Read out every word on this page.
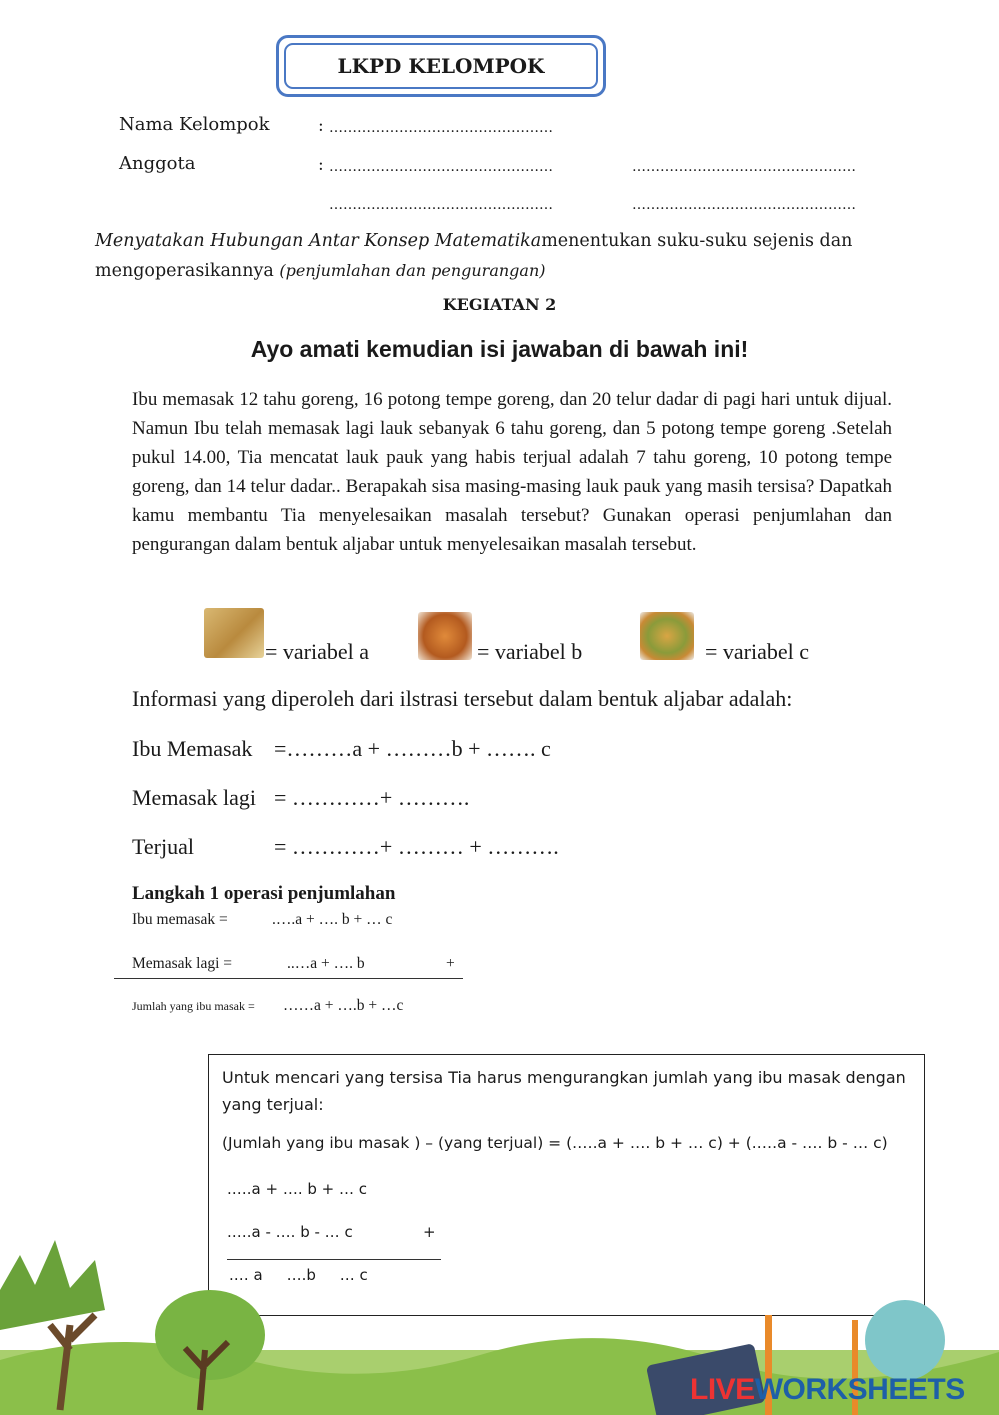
LKPD KELOMPOK
Nama Kelompok	: …………………………………………
Anggota	: …………………………………………	…………………………………………
…………………………………………	…………………………………………
Menyatakan Hubungan Antar Konsep Matematikamenentukan suku-suku sejenis dan mengoperasikannya (penjumlahan dan pengurangan)
KEGIATAN 2
Ayo amati kemudian isi jawaban di bawah ini!
Ibu memasak 12 tahu goreng, 16 potong tempe goreng, dan 20 telur dadar di pagi hari untuk dijual. Namun Ibu telah memasak lagi lauk sebanyak 6 tahu goreng, dan 5 potong tempe goreng .Setelah pukul 14.00, Tia mencatat lauk pauk yang habis terjual adalah 7 tahu goreng, 10 potong tempe goreng, dan 14 telur dadar.. Berapakah sisa masing-masing lauk pauk yang masih tersisa? Dapatkah kamu membantu Tia menyelesaikan masalah tersebut? Gunakan operasi penjumlahan dan pengurangan dalam bentuk aljabar untuk menyelesaikan masalah tersebut.
= variabel a	= variabel b	= variabel c
Informasi yang diperoleh dari ilstrasi tersebut dalam bentuk aljabar adalah:
Ibu Memasak =………a + ………b + ……. c
Memasak lagi = …………+ ……….
Terjual	= …………+ ……… + ……….
Langkah 1 operasi penjumlahan
Ibu memasak =	.….a + …. b + … c
Memasak lagi =	..…a + …. b	+
Jumlah yang ibu masak = ……a + ….b + …c

Untuk mencari yang tersisa Tia harus mengurangkan jumlah yang ibu masak dengan yang terjual:

(Jumlah yang ibu masak ) – (yang terjual) = (.….a + …. b + … c) + (.….a - …. b - … c)

.….a + …. b + … c

.….a - …. b - … c	+

.… a     ….b     … c

LIVEWORKSHEETS
